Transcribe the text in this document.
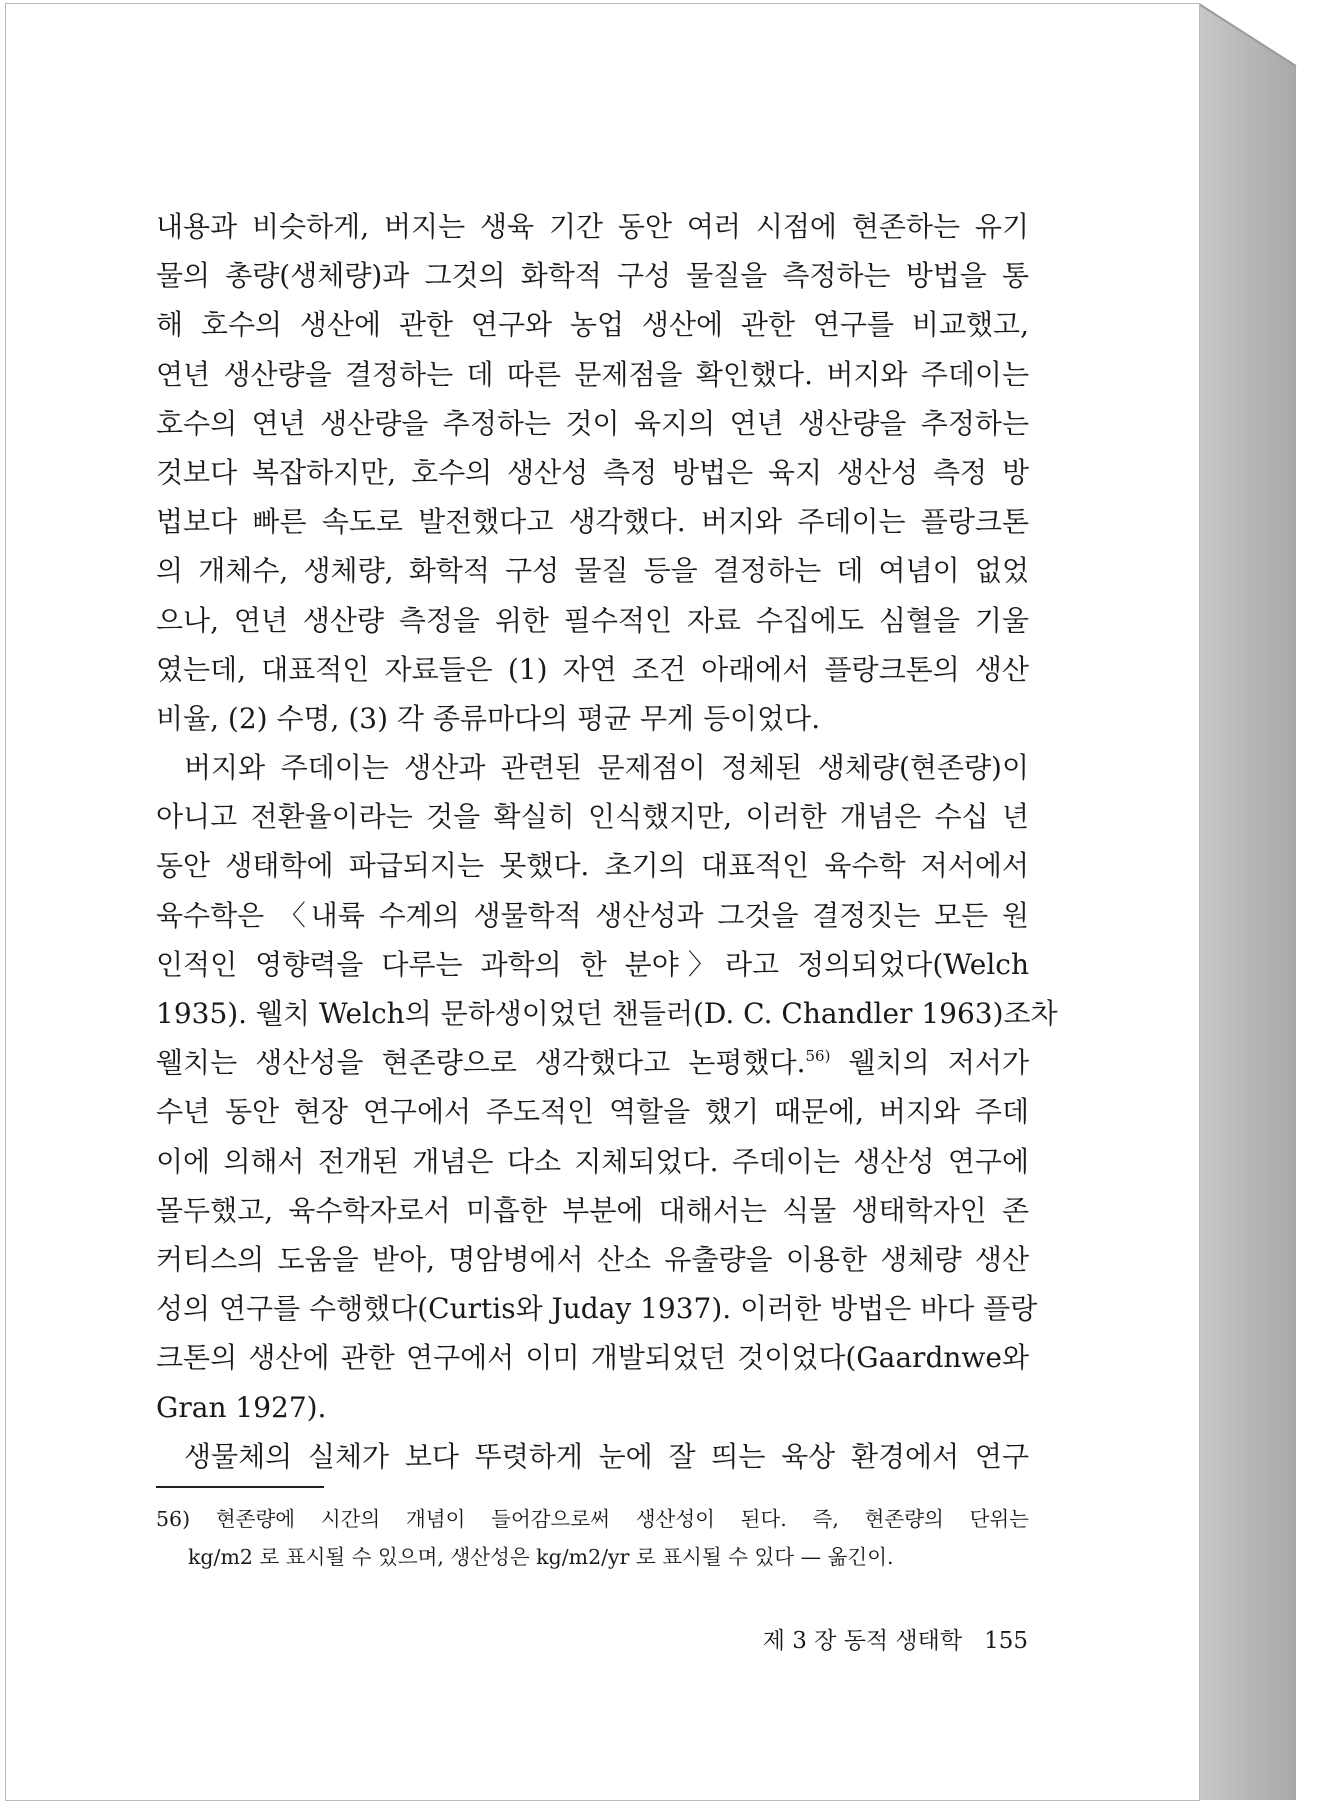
내용과 비슷하게, 버지는 생육 기간 동안 여러 시점에 현존하는 유기
물의 총량(생체량)과 그것의 화학적 구성 물질을 측정하는 방법을 통
해 호수의 생산에 관한 연구와 농업 생산에 관한 연구를 비교했고,
연년 생산량을 결정하는 데 따른 문제점을 확인했다. 버지와 주데이는
호수의 연년 생산량을 추정하는 것이 육지의 연년 생산량을 추정하는
것보다 복잡하지만, 호수의 생산성 측정 방법은 육지 생산성 측정 방
법보다 빠른 속도로 발전했다고 생각했다. 버지와 주데이는 플랑크톤
의 개체수, 생체량, 화학적 구성 물질 등을 결정하는 데 여념이 없었
으나, 연년 생산량 측정을 위한 필수적인 자료 수집에도 심혈을 기울
였는데, 대표적인 자료들은 (1) 자연 조건 아래에서 플랑크톤의 생산
비율, (2) 수명, (3) 각 종류마다의 평균 무게 등이었다.
버지와 주데이는 생산과 관련된 문제점이 정체된 생체량(현존량)이
아니고 전환율이라는 것을 확실히 인식했지만, 이러한 개념은 수십 년
동안 생태학에 파급되지는 못했다. 초기의 대표적인 육수학 저서에서
육수학은 〈내륙 수계의 생물학적 생산성과 그것을 결정짓는 모든 원
인적인 영향력을 다루는 과학의 한 분야〉라고 정의되었다(Welch
1935). 웰치 Welch의 문하생이었던 챈들러(D. C. Chandler 1963)조차
웰치는 생산성을 현존량으로 생각했다고 논평했다.$^{56)}$ 웰치의 저서가
수년 동안 현장 연구에서 주도적인 역할을 했기 때문에, 버지와 주데
이에 의해서 전개된 개념은 다소 지체되었다. 주데이는 생산성 연구에
몰두했고, 육수학자로서 미흡한 부분에 대해서는 식물 생태학자인 존
커티스의 도움을 받아, 명암병에서 산소 유출량을 이용한 생체량 생산
성의 연구를 수행했다(Curtis와 Juday 1937). 이러한 방법은 바다 플랑
크톤의 생산에 관한 연구에서 이미 개발되었던 것이었다(Gaardnwe와
Gran 1927).
생물체의 실체가 보다 뚜렷하게 눈에 잘 띄는 육상 환경에서 연구
56) 현존량에 시간의 개념이 들어감으로써 생산성이 된다. 즉, 현존량의 단위는
kg/m2 로 표시될 수 있으며, 생산성은 kg/m2/yr 로 표시될 수 있다 — 옮긴이.
제 3 장 동적 생태학 155
